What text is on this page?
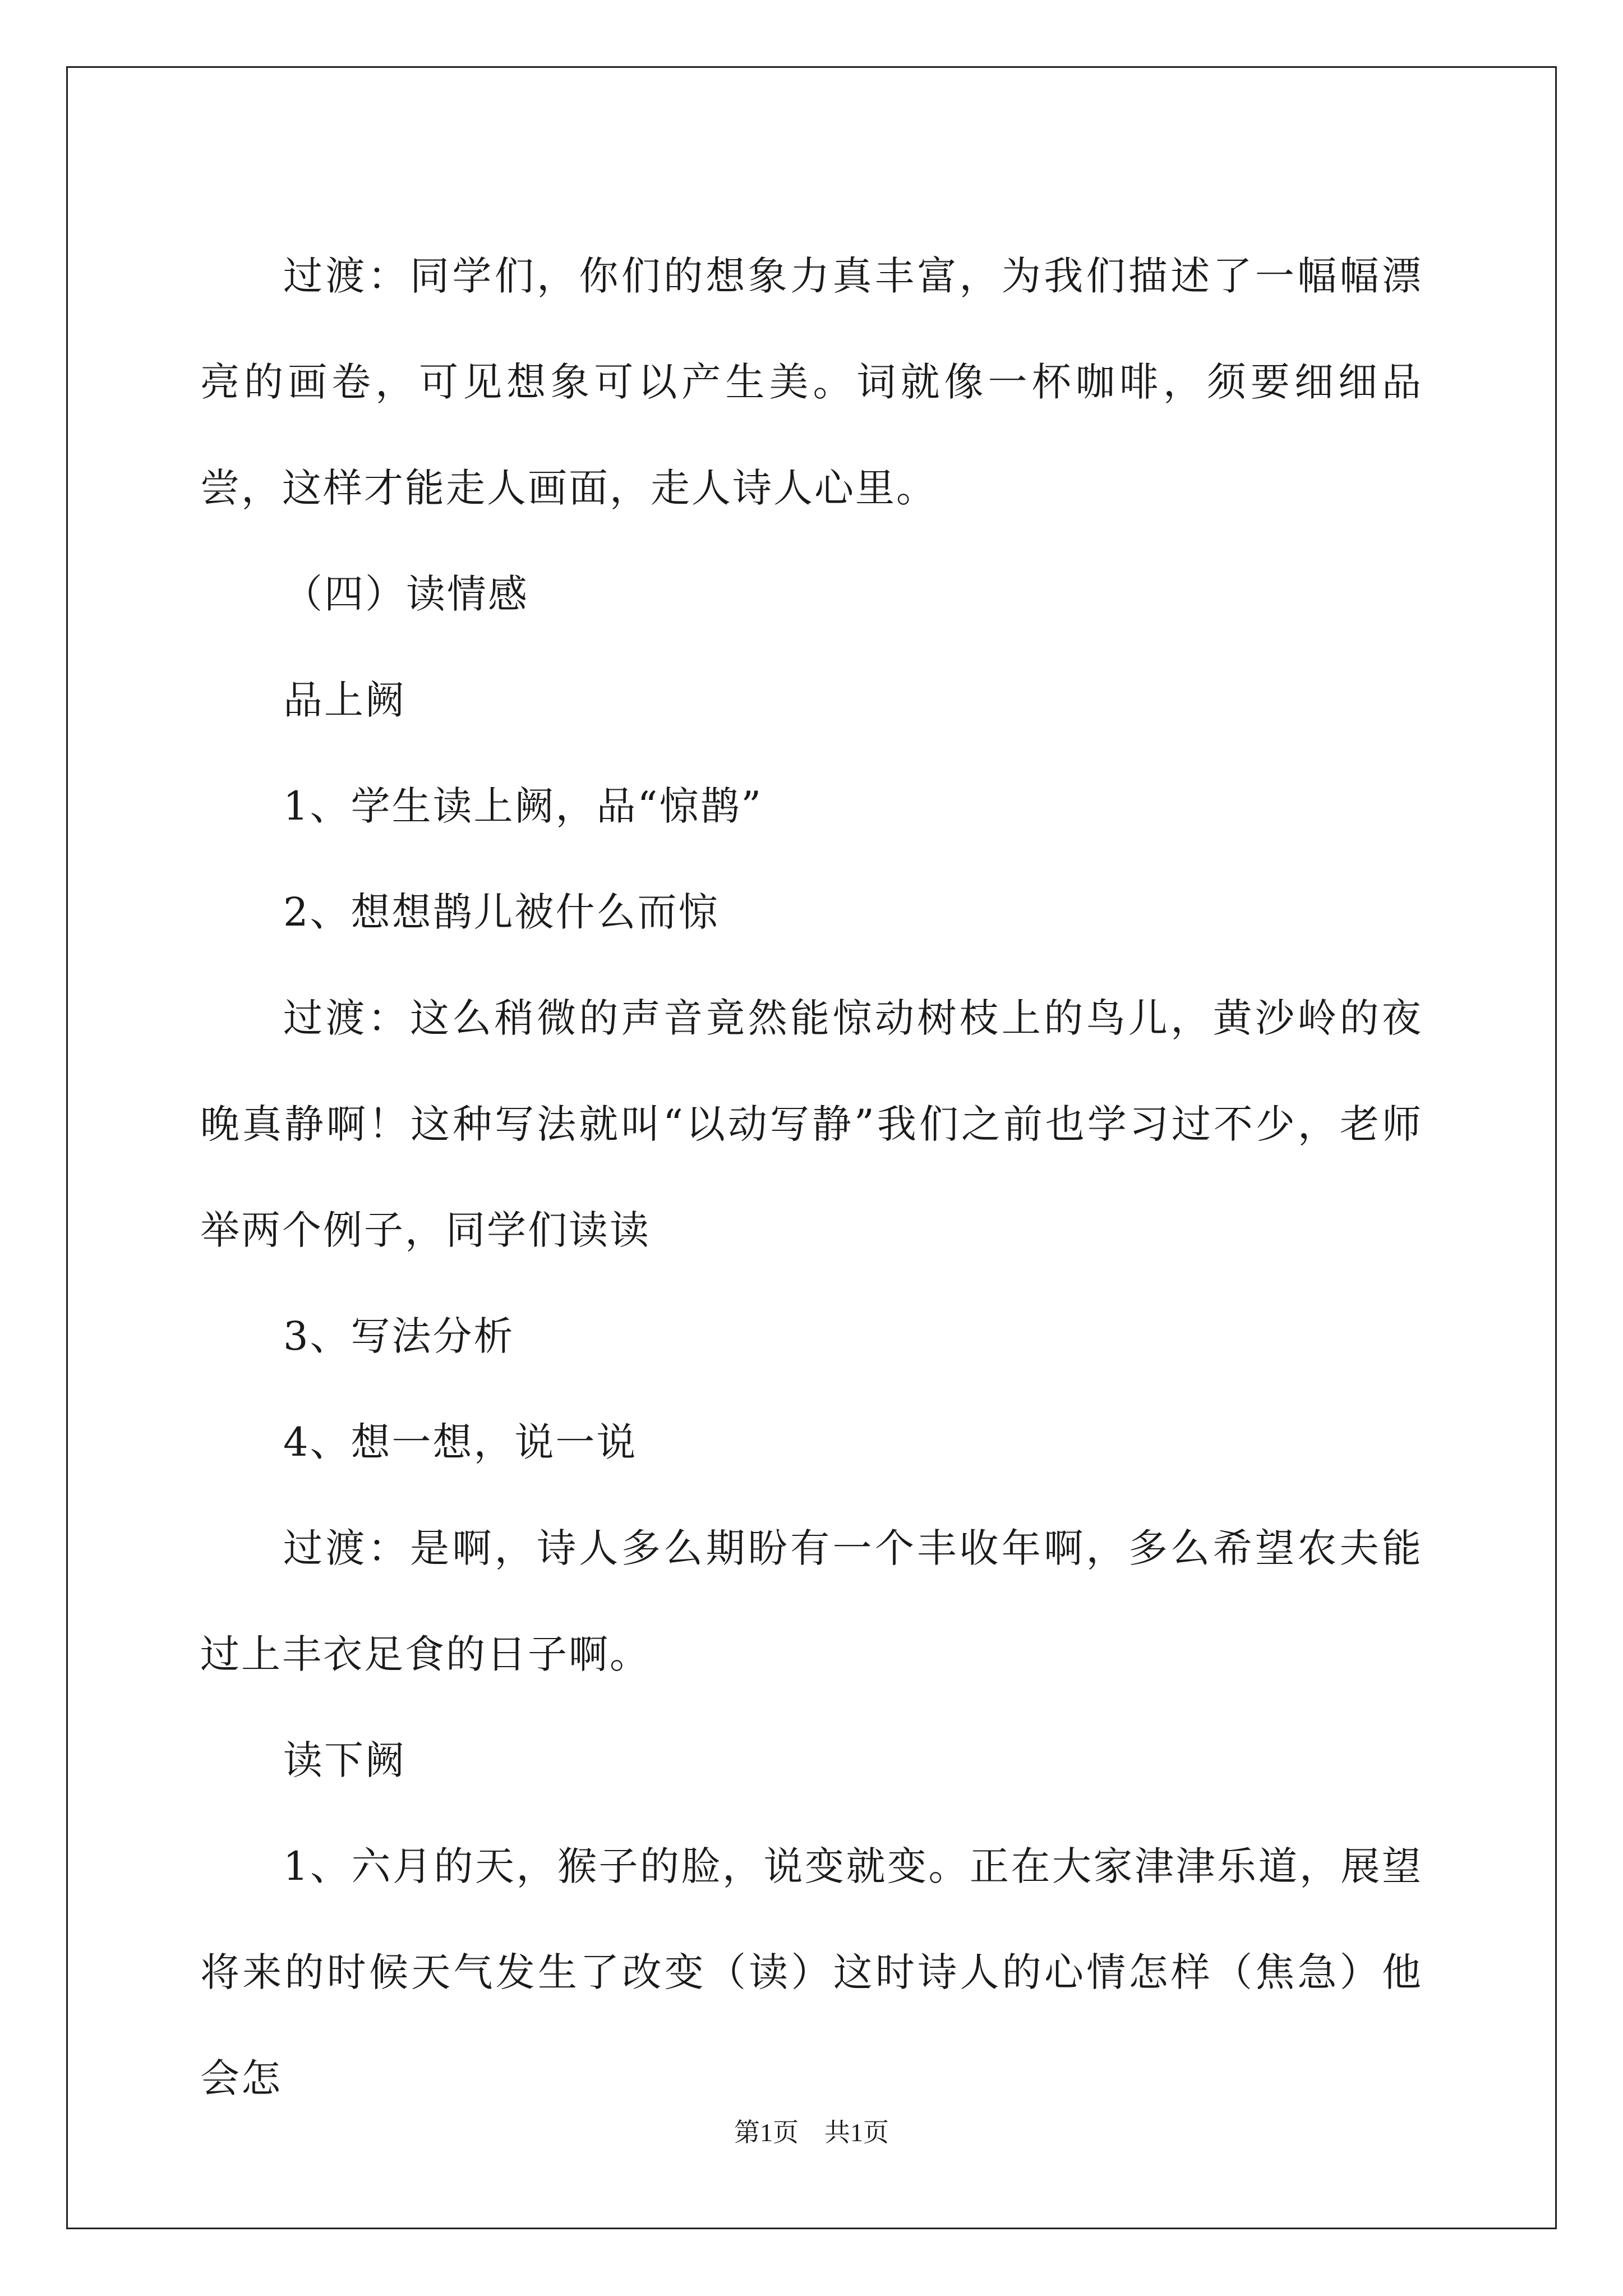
过渡：同学们，你们的想象力真丰富，为我们描述了一幅幅漂亮的画卷，可见想象可以产生美。词就像一杯咖啡，须要细细品尝，这样才能走人画面，走人诗人心里。

（四）读情感

品上阙

1、学生读上阙，品“惊鹊”

2、想想鹊儿被什么而惊

过渡：这么稍微的声音竟然能惊动树枝上的鸟儿，黄沙岭的夜晚真静啊！这种写法就叫“以动写静”我们之前也学习过不少，老师举两个例子，同学们读读

3、写法分析

4、想一想，说一说

过渡：是啊，诗人多么期盼有一个丰收年啊，多么希望农夫能过上丰衣足食的日子啊。

读下阙

1、六月的天，猴子的脸，说变就变。正在大家津津乐道，展望将来的时候天气发生了改变（读）这时诗人的心情怎样（焦急）他会怎

第1页　共1页
